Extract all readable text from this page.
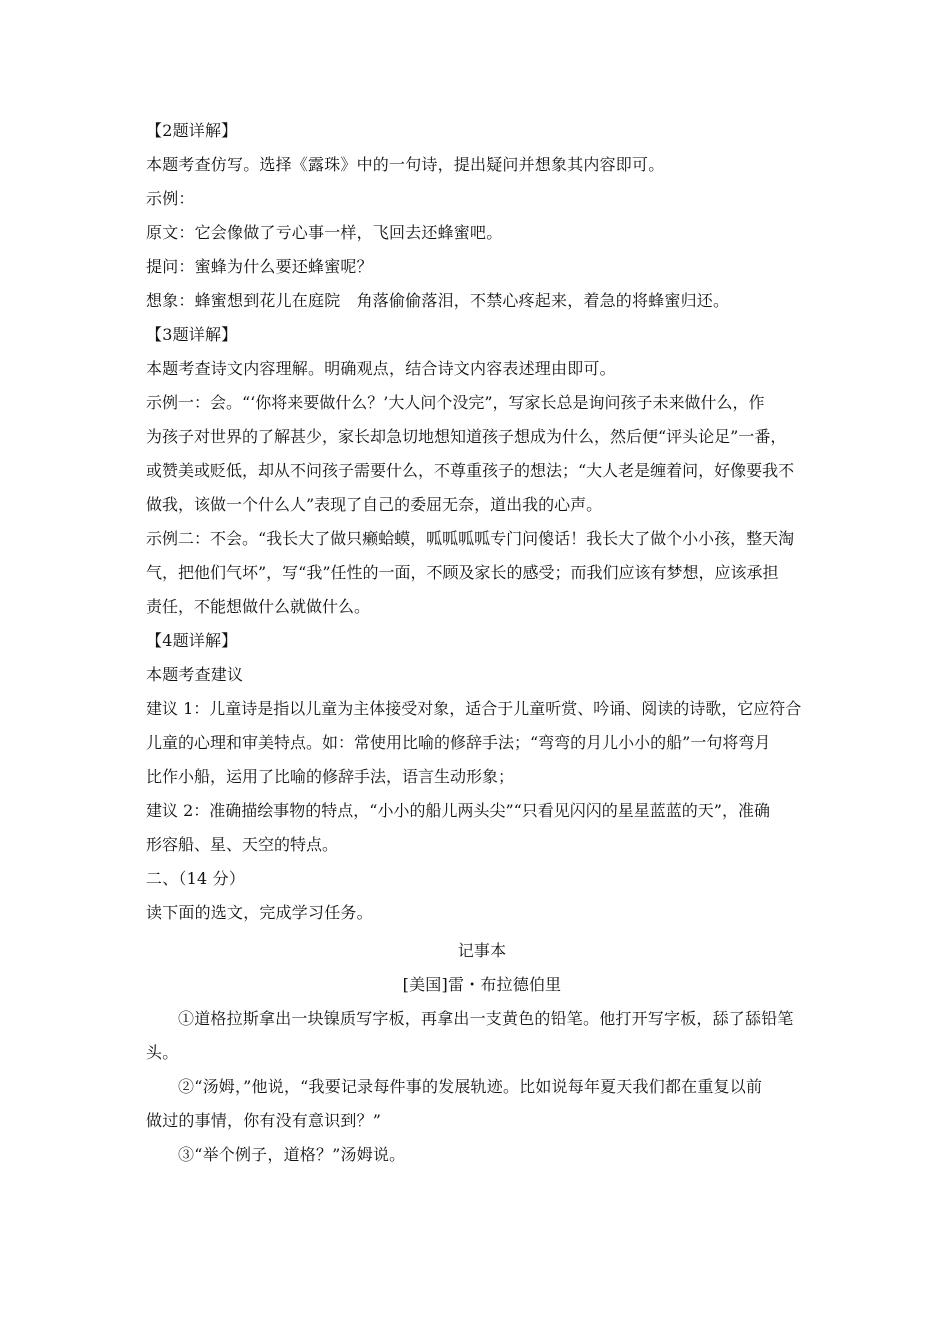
【2题详解】
本题考查仿写。选择《露珠》中的一句诗，提出疑问并想象其内容即可。
示例：
原文：它会像做了亏心事一样，飞回去还蜂蜜吧。
提问：蜜蜂为什么要还蜂蜜呢？
想象：蜂蜜想到花儿在庭院　角落偷偷落泪，不禁心疼起来，着急的将蜂蜜归还。
【3题详解】
本题考查诗文内容理解。明确观点，结合诗文内容表述理由即可。
示例一：会。“‘你将来要做什么？’大人问个没完”，写家长总是询问孩子未来做什么，作
为孩子对世界的了解甚少，家长却急切地想知道孩子想成为什么，然后便“评头论足”一番，
或赞美或贬低，却从不问孩子需要什么，不尊重孩子的想法；“大人老是缠着问，好像要我不
做我，该做一个什么人”表现了自己的委屈无奈，道出我的心声。
示例二：不会。“我长大了做只癞蛤蟆，呱呱呱呱专门问傻话！我长大了做个小小孩，整天淘
气，把他们气坏”，写“我”任性的一面，不顾及家长的感受；而我们应该有梦想，应该承担
责任，不能想做什么就做什么。
【4题详解】
本题考查建议
建议 1：儿童诗是指以儿童为主体接受对象，适合于儿童听赏、吟诵、阅读的诗歌，它应符合
儿童的心理和审美特点。如：常使用比喻的修辞手法；“弯弯的月儿小小的船”一句将弯月
比作小船，运用了比喻的修辞手法，语言生动形象；
建议 2：准确描绘事物的特点，“小小的船儿两头尖”“只看见闪闪的星星蓝蓝的天”，准确
形容船、星、天空的特点。
二、（14 分）
读下面的选文，完成学习任务。
记事本
[美国]雷・布拉德伯里
①道格拉斯拿出一块镍质写字板，再拿出一支黄色的铅笔。他打开写字板，舔了舔铅笔
头。
②“汤姆，”他说，“我要记录每件事的发展轨迹。比如说每年夏天我们都在重复以前
做过的事情，你有没有意识到？”
③“举个例子，道格？”汤姆说。
